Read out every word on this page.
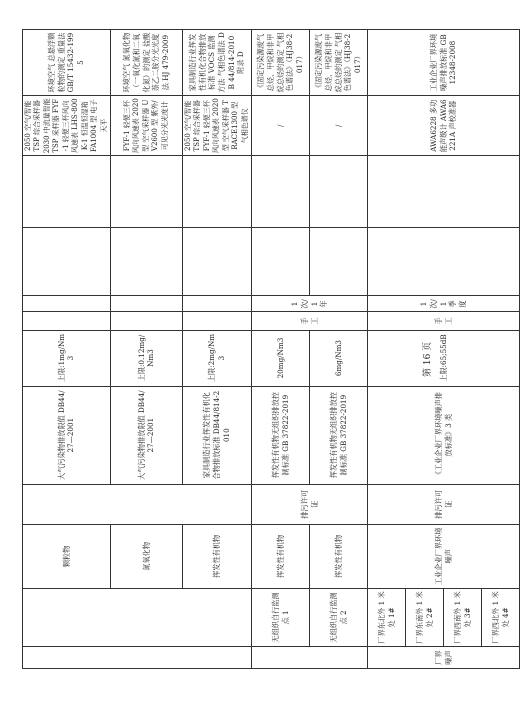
		颗粒物		大气污染物排放限值 DB44/ 27—2001	上限:1mg/Nm3					2050 空气/智能 TSP 综合采样器 2030 中流量智能 TSP 采样器 FYF-1 轻便三杯风向风速表 LHS-800K-1 恒温恒湿箱 FA1004 型 电子天平	环境空气 总悬浮颗粒物的测定 重量法 GB/T 15432-1995
		氮氧化物		大气污染物排放限值 DB44/ 27—2001	上限:0.12mg/Nm3					FYF-1 轻便三杯风向风速表 2020 型 空气采样器 UV2600 型 紫外/可见分光光度计	环境空气 氮氧化物（一氧化氮和二氧化氮）的测定 盐酸萘乙二胺分光光度法 HJ 479-2009
		挥发性有机物		家具制造行业挥发性有机化合物排放标准 DB44/814-2010	上限:2mg/Nm3					2050 空气/智能 TSP 综合采样器 FYF-1 轻便三杯风向风速表 2020 型 空气采样器 TRACE1300 型 气相色谱仪	家具制造行业挥发性有机化合物排放标准 VOCS 监测方法 气相色谱法 DB 44/814-2010 附录 D
	无组织自行监测点 1	挥发性有机物	排污许可证	挥发性有机物无组织排放控制标准 GB 37822-2019	20mg/Nm3	手工	1 次/1 年			/	《固定污染源废气总烃、甲烷和非甲烷总烃的测定 气相色谱法》（HJ38-2017）
	无组织自行监测点 2	挥发性有机物		挥发性有机物无组织排放控制标准 GB 37822-2019	6mg/Nm3					/	《固定污染源废气总烃、甲烷和非甲烷总烃的测定 气相色谱法》（HJ38-2017）
厂界噪声	厂界东北外 1 米处 1#	工业企业厂界环境噪声	排污许可证	《工业企业厂界环境噪声排放标准》3 类	上限:65;55dB	手工	1 次/1 季度			AWA6228 多功能声级计 AWA6221A 声校准器	工业企业厂界环境噪声排放标准 GB 12348-2008
	厂界东南外 1 米处 2#										
	厂界西南外 1 米处 3#										
	厂界西北外 1 米处 4#										
第 16 页
